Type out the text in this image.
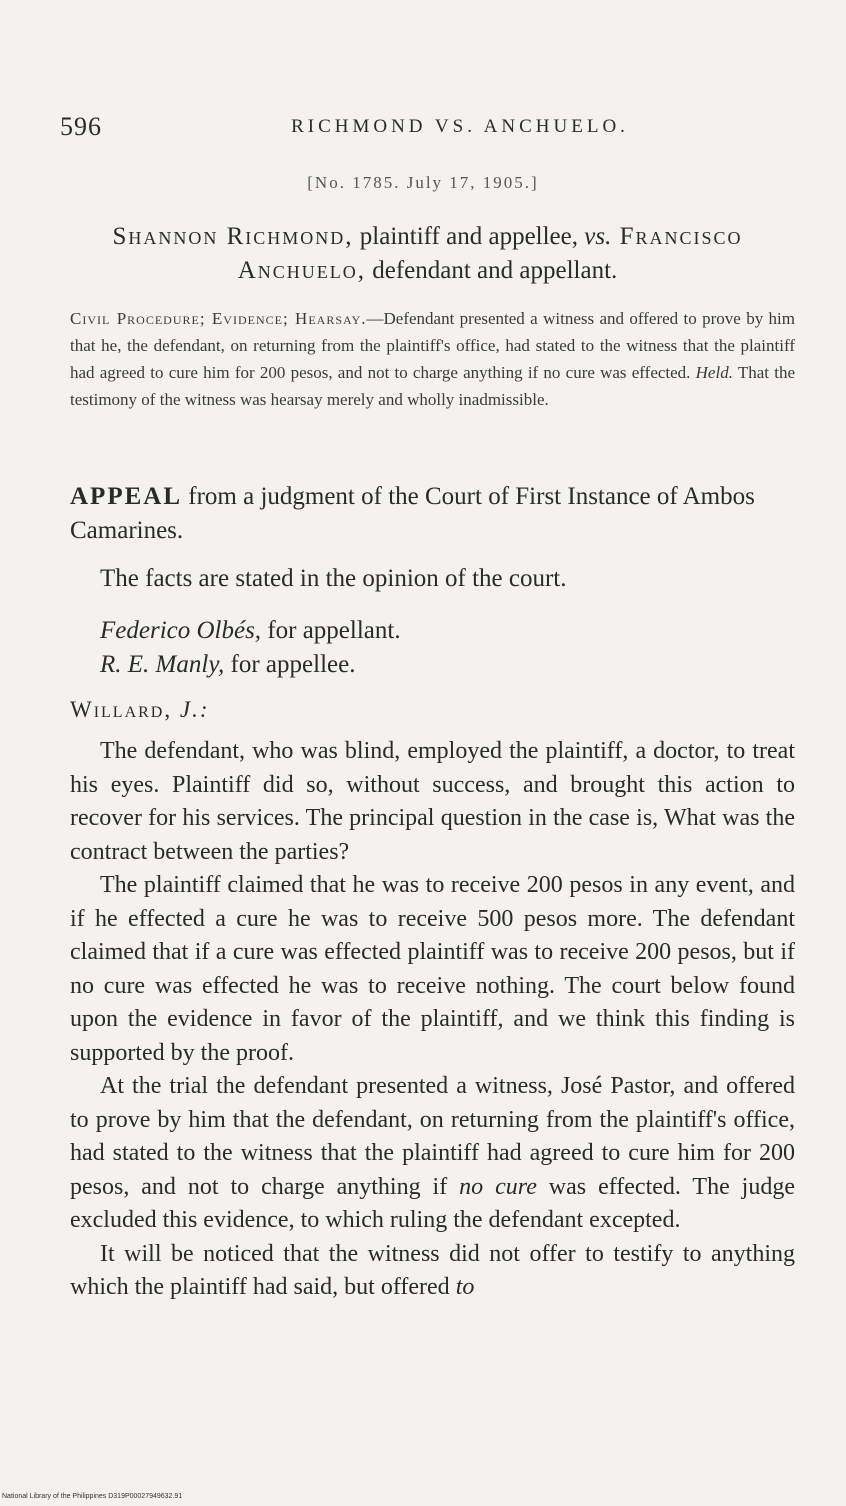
596	RICHMOND VS. ANCHUELO.
[No. 1785. July 17, 1905.]
Shannon Richmond, plaintiff and appellee, vs. Francisco
Anchuelo, defendant and appellant.
Civil Procedure; Evidence; Hearsay.—Defendant presented a witness and offered to prove by him that he, the defendant, on returning from the plaintiff's office, had stated to the witness that the plaintiff had agreed to cure him for 200 pesos, and not to charge anything if no cure was effected. Held. That the testimony of the witness was hearsay merely and wholly inadmissible.
APPEAL from a judgment of the Court of First Instance of Ambos Camarines.
The facts are stated in the opinion of the court.
Federico Olbés, for appellant.
R. E. Manly, for appellee.
Willard, J.:

The defendant, who was blind, employed the plaintiff, a doctor, to treat his eyes. Plaintiff did so, without success, and brought this action to recover for his services. The principal question in the case is, What was the contract between the parties?

The plaintiff claimed that he was to receive 200 pesos in any event, and if he effected a cure he was to receive 500 pesos more. The defendant claimed that if a cure was effected plaintiff was to receive 200 pesos, but if no cure was effected he was to receive nothing. The court below found upon the evidence in favor of the plaintiff, and we think this finding is supported by the proof.

At the trial the defendant presented a witness, José Pastor, and offered to prove by him that the defendant, on returning from the plaintiff's office, had stated to the witness that the plaintiff had agreed to cure him for 200 pesos, and not to charge anything if no cure was effected. The judge excluded this evidence, to which ruling the defendant excepted.

It will be noticed that the witness did not offer to testify to anything which the plaintiff had said, but offered to

National Library of the Philippines D319P00027949632.91
